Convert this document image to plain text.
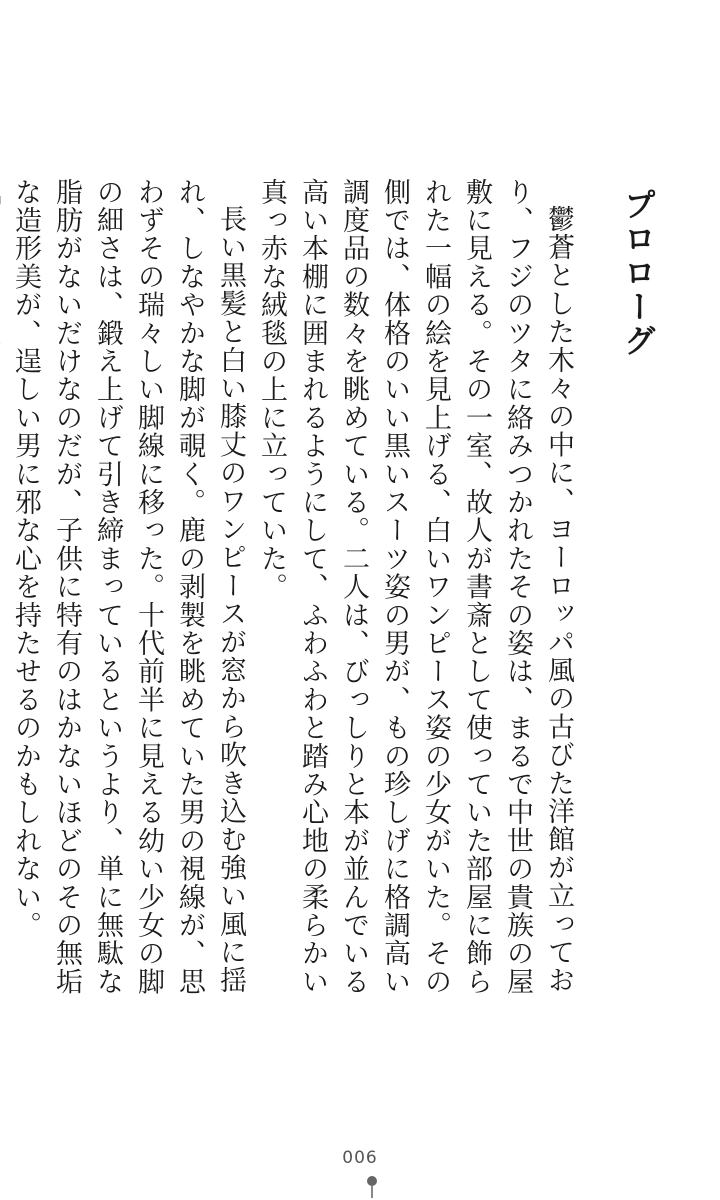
プロローグ

鬱蒼とした木々の中に、ヨーロッパ風の古びた洋館が立っており、フジのツタに絡みつかれたその姿は、まるで中世の貴族の屋敷に見える。その一室、故人が書斎として使っていた部屋に飾られた一幅の絵を見上げる、白いワンピース姿の少女がいた。その側では、体格のいい黒いスーツ姿の男が、もの珍しげに格調高い調度品の数々を眺めている。二人は、びっしりと本が並んでいる高い本棚に囲まれるようにして、ふわふわと踏み心地の柔らかい真っ赤な絨毯の上に立っていた。

長い黒髪と白い膝丈のワンピースが窓から吹き込む強い風に揺れ、しなやかな脚が覗く。鹿の剥製を眺めていた男の視線が、思わずその瑞々しい脚線に移った。十代前半に見える幼い少女の脚の細さは、鍛え上げて引き締まっているというより、単に無駄な脂肪がないだけなのだが、子供に特有のはかないほどのその無垢な造形美が、逞しい男に邪な心を持たせるのかもしれない。

006
